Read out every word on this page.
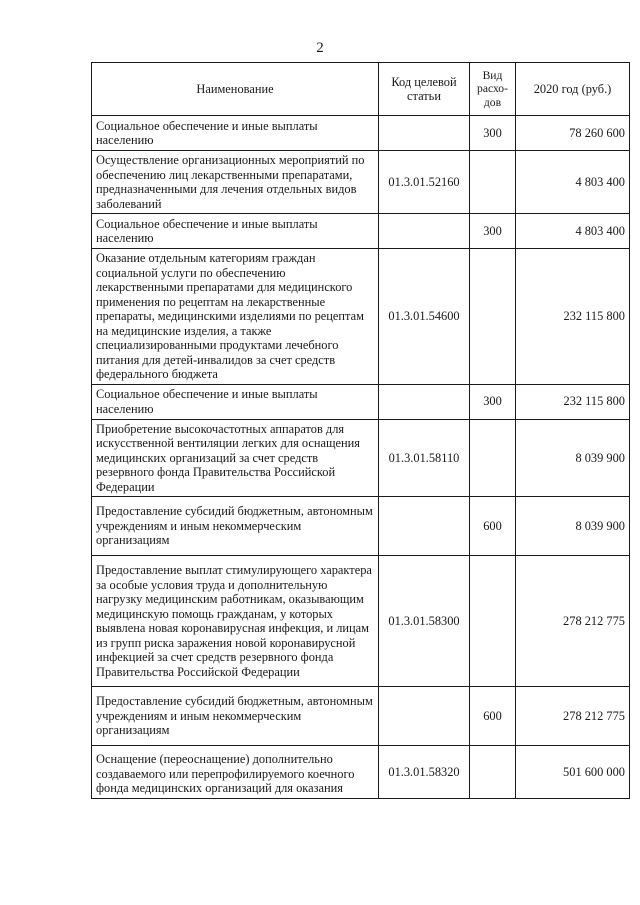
2
Наименование	Код целевой статьи	Вид расхо-дов	2020 год (руб.)

Социальное обеспечение и иные выплаты населению		300	78 260 600

Осуществление организационных мероприятий по обеспечению лиц лекарственными препаратами, предназначенными для лечения отдельных видов заболеваний	01.3.01.52160		4 803 400

Социальное обеспечение и иные выплаты населению		300	4 803 400

Оказание отдельным категориям граждан социальной услуги по обеспечению лекарственными препаратами для медицинского применения по рецептам на лекарственные препараты, медицинскими изделиями по рецептам на медицинские изделия, а также специализированными продуктами лечебного питания для детей-инвалидов за счет средств федерального бюджета	01.3.01.54600		232 115 800

Социальное обеспечение и иные выплаты населению		300	232 115 800

Приобретение высокочастотных аппаратов для искусственной вентиляции легких для оснащения медицинских организаций за счет средств резервного фонда Правительства Российской Федерации	01.3.01.58110		8 039 900

Предоставление субсидий бюджетным, автономным учреждениям и иным некоммерческим организациям		600	8 039 900

Предоставление выплат стимулирующего характера за особые условия труда и дополнительную нагрузку медицинским работникам, оказывающим медицинскую помощь гражданам, у которых выявлена новая коронавирусная инфекция, и лицам из групп риска заражения новой коронавирусной инфекцией за счет средств резервного фонда Правительства Российской Федерации	01.3.01.58300		278 212 775

Предоставление субсидий бюджетным, автономным учреждениям и иным некоммерческим организациям		600	278 212 775

Оснащение (переоснащение) дополнительно создаваемого или перепрофилируемого коечного фонда медицинских организаций для оказания	01.3.01.58320		501 600 000
